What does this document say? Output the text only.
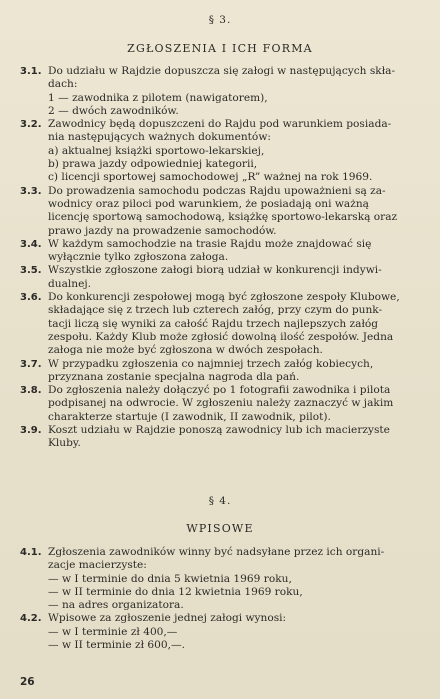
§ 3.
ZGŁOSZENIA I ICH FORMA
3.1. Do udziału w Rajdzie dopuszcza się załogi w następujących skła-
dach:
1 — zawodnika z pilotem (nawigatorem),
2 — dwóch zawodników.
3.2. Zawodnicy będą dopuszczeni do Rajdu pod warunkiem posiada-
nia następujących ważnych dokumentów:
a) aktualnej książki sportowo-lekarskiej,
b) prawa jazdy odpowiedniej kategorii,
c) licencji sportowej samochodowej „R” ważnej na rok 1969.
3.3. Do prowadzenia samochodu podczas Rajdu upoważnieni są za-
wodnicy oraz piloci pod warunkiem, że posiadają oni ważną
licencję sportową samochodową, książkę sportowo-lekarską oraz
prawo jazdy na prowadzenie samochodów.
3.4. W każdym samochodzie na trasie Rajdu może znajdować się
wyłącznie tylko zgłoszona załoga.
3.5. Wszystkie zgłoszone załogi biorą udział w konkurencji indywi-
dualnej.
3.6. Do konkurencji zespołowej mogą być zgłoszone zespoły Klubowe,
składające się z trzech lub czterech załóg, przy czym do punk-
tacji liczą się wyniki za całość Rajdu trzech najlepszych załóg
zespołu. Każdy Klub może zgłosić dowolną ilość zespołów. Jedna
załoga nie może być zgłoszona w dwóch zespołach.
3.7. W przypadku zgłoszenia co najmniej trzech załóg kobiecych,
przyznana zostanie specjalna nagroda dla pań.
3.8. Do zgłoszenia należy dołączyć po 1 fotografii zawodnika i pilota
podpisanej na odwrocie. W zgłoszeniu należy zaznaczyć w jakim
charakterze startuje (I zawodnik, II zawodnik, pilot).
3.9. Koszt udziału w Rajdzie ponoszą zawodnicy lub ich macierzyste
Kluby.
§ 4.
WPISOWE
4.1. Zgłoszenia zawodników winny być nadsyłane przez ich organi-
zacje macierzyste:
— w I terminie do dnia 5 kwietnia 1969 roku,
— w II terminie do dnia 12 kwietnia 1969 roku,
— na adres organizatora.
4.2. Wpisowe za zgłoszenie jednej załogi wynosi:
— w I terminie zł 400,—
— w II terminie zł 600,—.
26
